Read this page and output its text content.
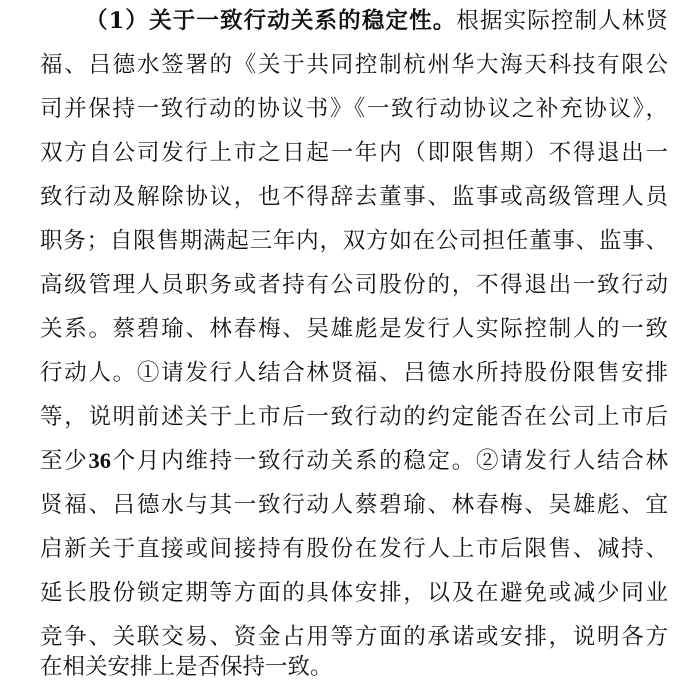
（1）关于一致行动关系的稳定性。根据实际控制人林贤
福、吕德水签署的《关于共同控制杭州华大海天科技有限公
司并保持一致行动的协议书》《一致行动协议之补充协议》，
双方自公司发行上市之日起一年内（即限售期）不得退出一
致行动及解除协议，也不得辞去董事、监事或高级管理人员
职务；自限售期满起三年内，双方如在公司担任董事、监事、
高级管理人员职务或者持有公司股份的，不得退出一致行动
关系。蔡碧瑜、林春梅、吴雄彪是发行人实际控制人的一致
行动人。①请发行人结合林贤福、吕德水所持股份限售安排
等，说明前述关于上市后一致行动的约定能否在公司上市后
至少36个月内维持一致行动关系的稳定。②请发行人结合林
贤福、吕德水与其一致行动人蔡碧瑜、林春梅、吴雄彪、宜
启新关于直接或间接持有股份在发行人上市后限售、减持、
延长股份锁定期等方面的具体安排，以及在避免或减少同业
竞争、关联交易、资金占用等方面的承诺或安排，说明各方
在相关安排上是否保持一致。
